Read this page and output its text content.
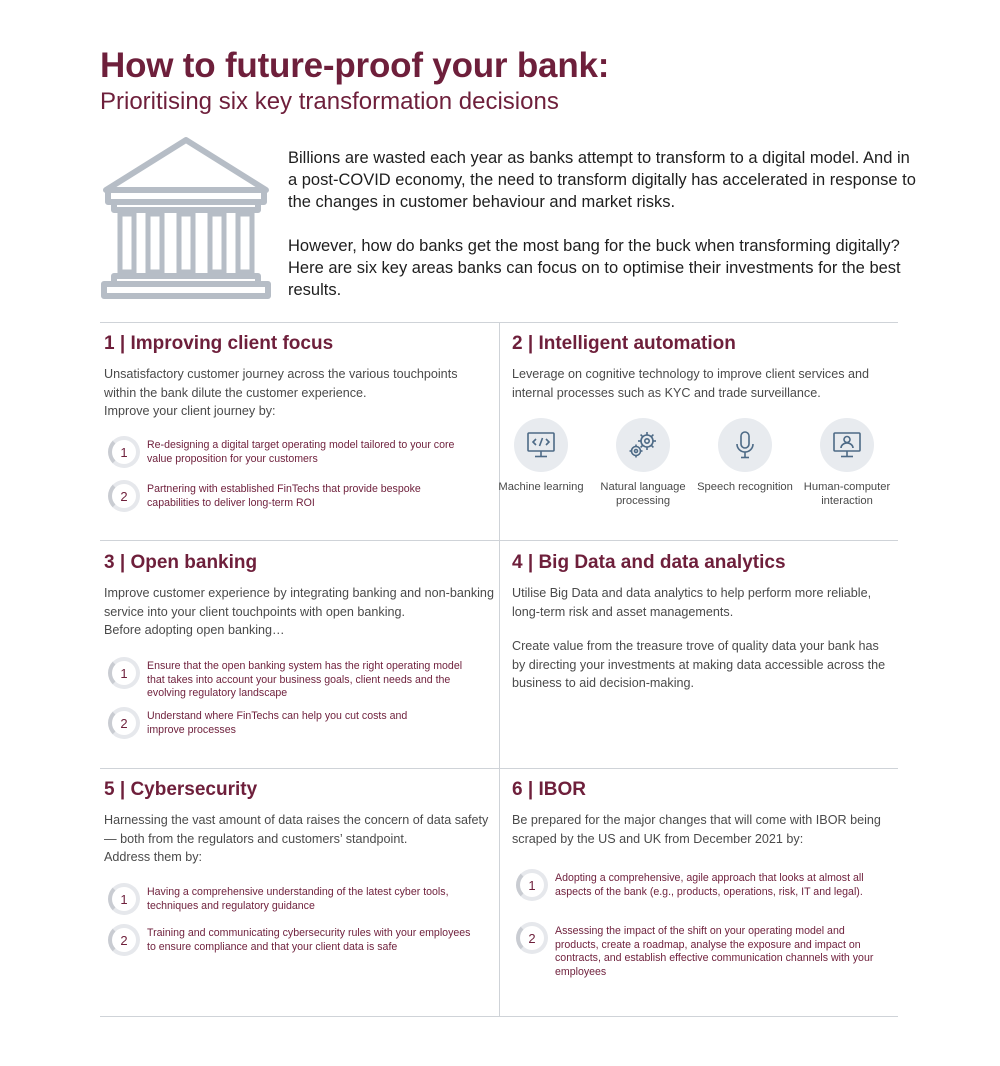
How to future-proof your bank:
Prioritising six key transformation decisions

Billions are wasted each year as banks attempt to transform to a digital model. And in a post-COVID economy, the need to transform digitally has accelerated in response to the changes in customer behaviour and market risks.

However, how do banks get the most bang for the buck when transforming digitally? Here are six key areas banks can focus on to optimise their investments for the best results.

1 | Improving client focus
Unsatisfactory customer journey across the various touchpoints within the bank dilute the customer experience.
Improve your client journey by:
1	Re-designing a digital target operating model tailored to your core value proposition for your customers
2	Partnering with established FinTechs that provide bespoke capabilities to deliver long-term ROI
2 | Intelligent automation
Leverage on cognitive technology to improve client services and internal processes such as KYC and trade surveillance.
Machine learning	Natural language processing
Speech recognition Human-computer interaction
3 | Open banking
Improve customer experience by integrating banking and non-banking service into your client touchpoints with open banking.
Before adopting open banking…
1	Ensure that the open banking system has the right operating model that takes into account your business goals, client needs and the evolving regulatory landscape
2	Understand where FinTechs can help you cut costs and improve processes
4 | Big Data and data analytics
Utilise Big Data and data analytics to help perform more reliable, long-term risk and asset managements.
Create value from the treasure trove of quality data your bank has by directing your investments at making data accessible across the business to aid decision-making.
5 | Cybersecurity
Harnessing the vast amount of data raises the concern of data safety — both from the regulators and customers’ standpoint.
Address them by:
1	Having a comprehensive understanding of the latest cyber tools, techniques and regulatory guidance
2	Training and communicating cybersecurity rules with your employees to ensure compliance and that your client data is safe
6 | IBOR
Be prepared for the major changes that will come with IBOR being scraped by the US and UK from December 2021 by:
1	Adopting a comprehensive, agile approach that looks at almost all aspects of the bank (e.g., products, operations, risk, IT and legal).
2	Assessing the impact of the shift on your operating model and products, create a roadmap, analyse the exposure and impact on contracts, and establish effective communication channels with your employees
